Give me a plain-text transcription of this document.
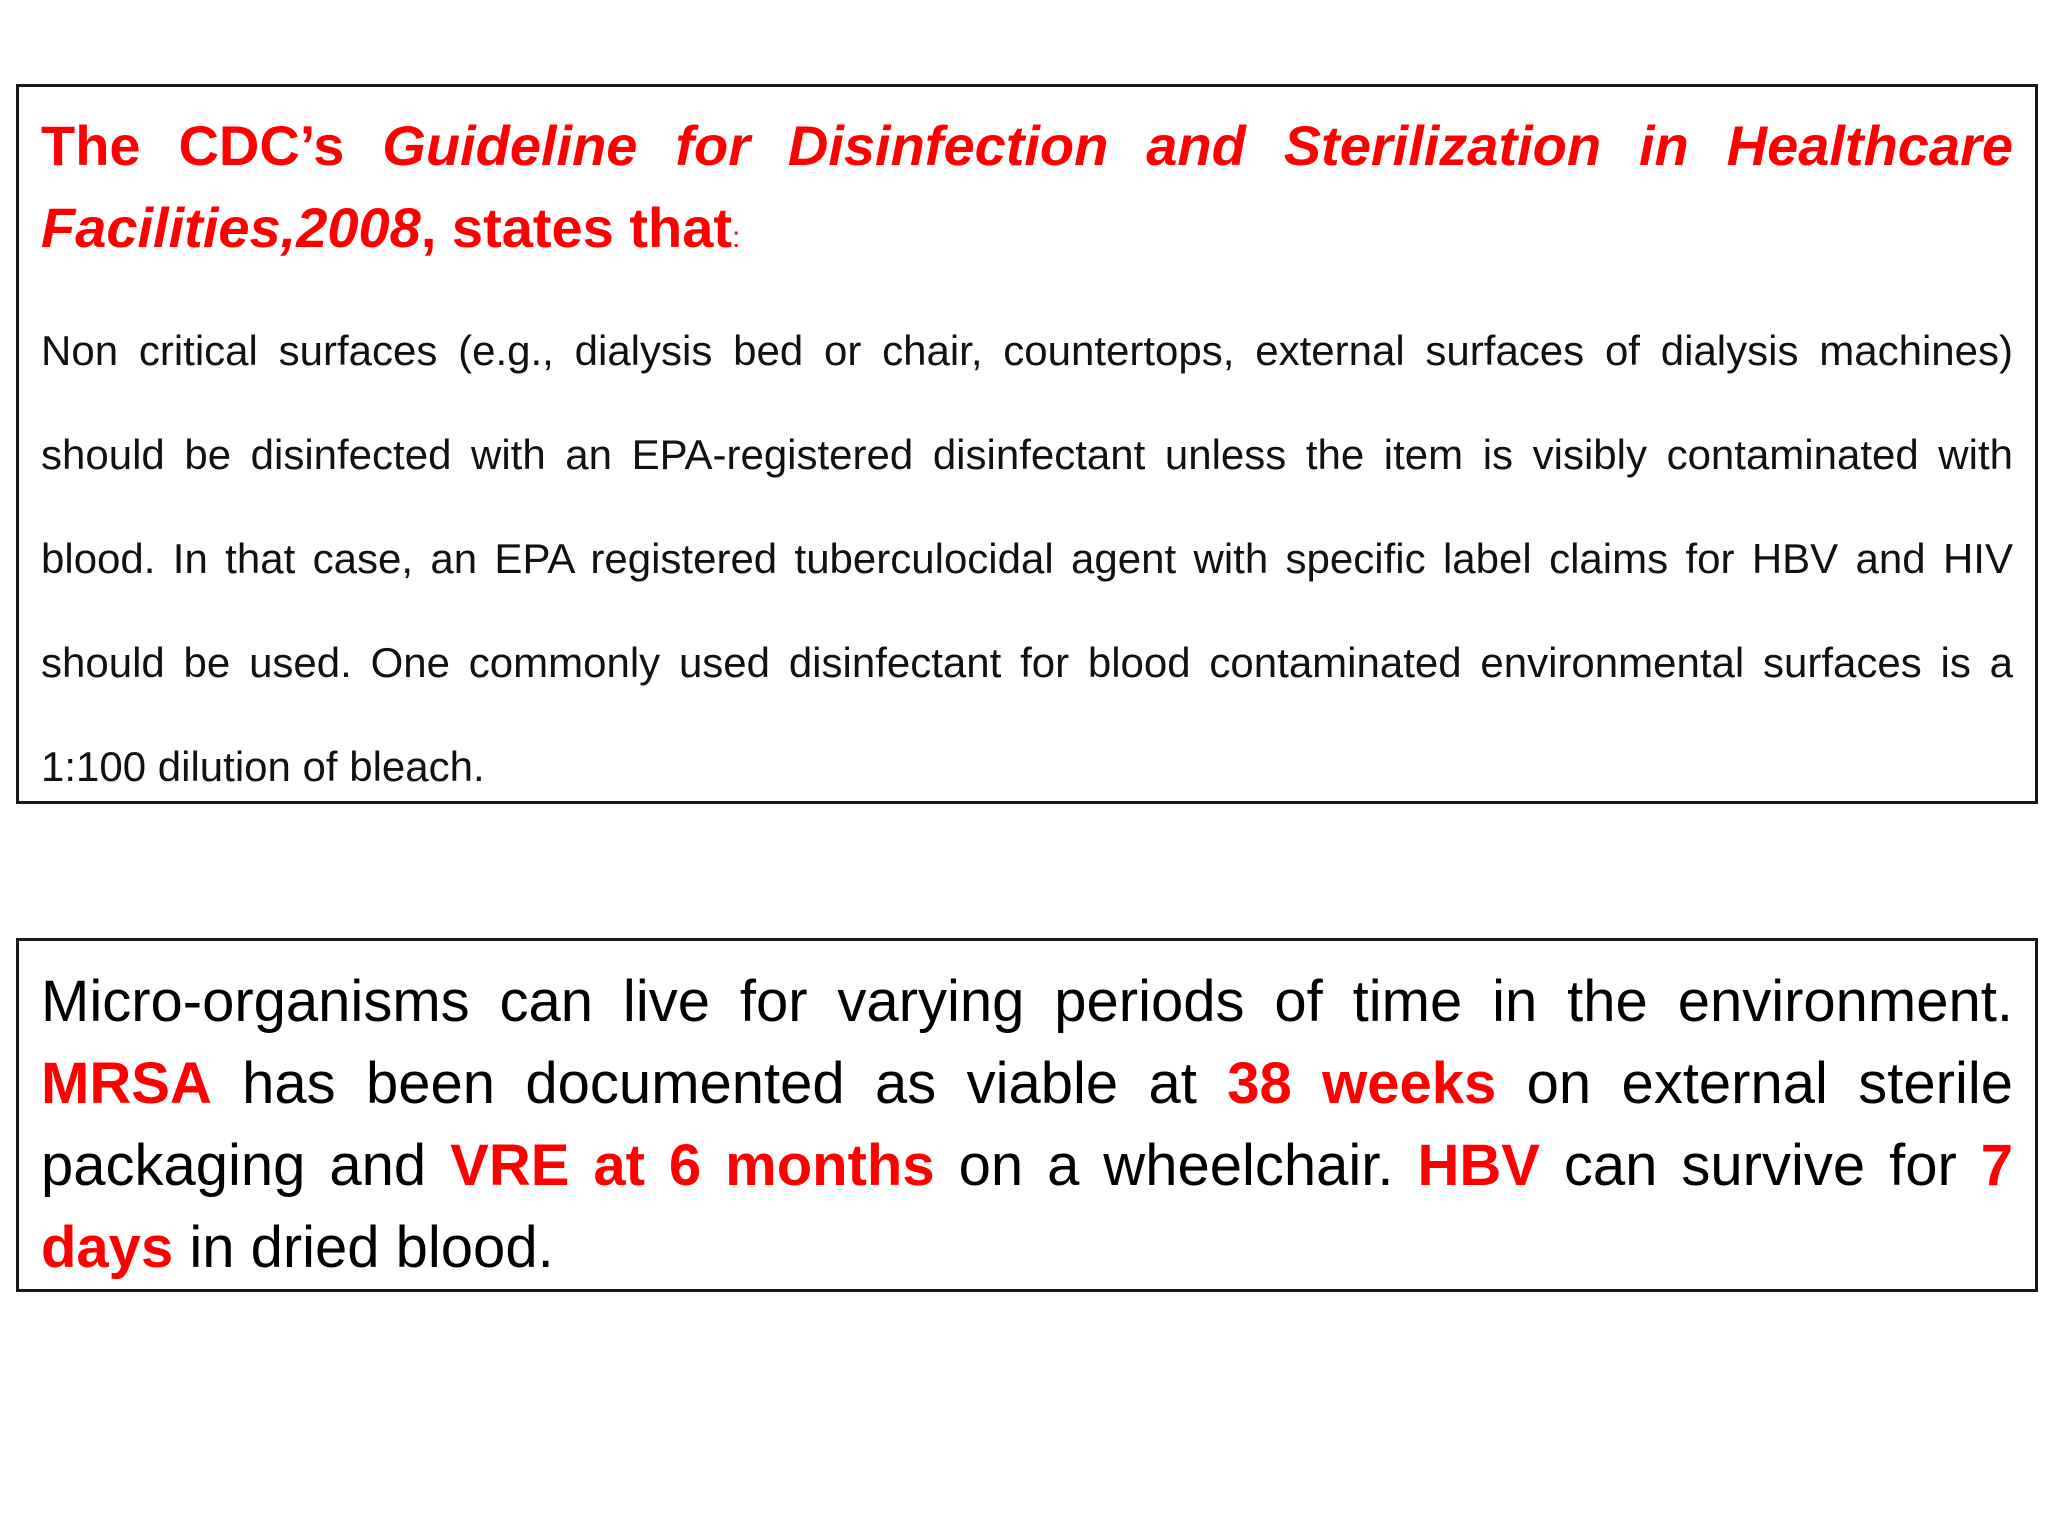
The CDC’s Guideline for Disinfection and Sterilization in Healthcare Facilities,2008, states that:

Non critical surfaces (e.g., dialysis bed or chair, countertops, external surfaces of dialysis machines) should be disinfected with an EPA-registered disinfectant unless the item is visibly contaminated with blood. In that case, an EPA registered tuberculocidal agent with specific label claims for HBV and HIV should be used. One commonly used disinfectant for blood contaminated environmental surfaces is a 1:100 dilution of bleach.

Micro-organisms can live for varying periods of time in the environment. MRSA has been documented as viable at 38 weeks on external sterile packaging and VRE at 6 months on a wheelchair. HBV can survive for 7 days in dried blood.
